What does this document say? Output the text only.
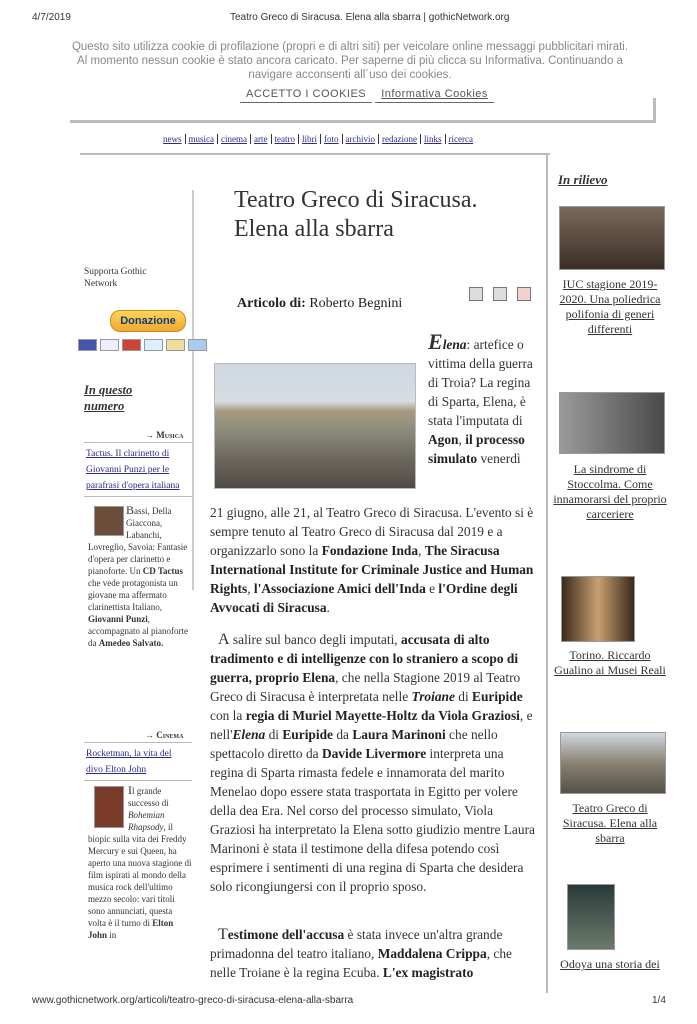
4/7/2019	Teatro Greco di Siracusa. Elena alla sbarra | gothicNetwork.org
Questo sito utilizza cookie di profilazione (propri e di altri siti) per veicolare online messaggi pubblicitari mirati. Al momento nessun cookie è stato ancora caricato. Per saperne di più clicca su Informativa. Continuando a navigare acconsenti all´uso dei cookies.
ACCETTO I COOKIES Informativa Cookies
news musica cinema arte teatro libri foto archivio redazione links ricerca
Teatro Greco di Siracusa. Elena alla sbarra
Articolo di: Roberto Begnini
Elena: artefice o vittima della guerra di Troia? La regina di Sparta, Elena, è stata l'imputata di Agon, il processo simulato venerdì
21 giugno, alle 21, al Teatro Greco di Siracusa. L'evento si è sempre tenuto al Teatro Greco di Siracusa dal 2019 e a organizzarlo sono la Fondazione Inda, The Siracusa International Institute for Criminale Justice and Human Rights, l'Associazione Amici dell'Inda e l'Ordine degli Avvocati di Siracusa.
A salire sul banco degli imputati, accusata di alto tradimento e di intelligenze con lo straniero a scopo di guerra, proprio Elena, che nella Stagione 2019 al Teatro Greco di Siracusa è interpretata nelle Troiane di Euripide con la regia di Muriel Mayette-Holtz da Viola Graziosi, e nell'Elena di Euripide da Laura Marinoni che nello spettacolo diretto da Davide Livermore interpreta una regina di Sparta rimasta fedele e innamorata del marito Menelao dopo essere stata trasportata in Egitto per volere della dea Era. Nel corso del processo simulato, Viola Graziosi ha interpretato la Elena sotto giudizio mentre Laura Marinoni è stata il testimone della difesa potendo così esprimere i sentimenti di una regina di Sparta che desidera solo ricongiungersi con il proprio sposo.
Testimone dell'accusa è stata invece un'altra grande primadonna del teatro italiano, Maddalena Crippa, che nelle Troiane è la regina Ecuba. L'ex magistrato
Supporta Gothic Network
Donazione
In questo numero
→ Musica
Tactus. Il clarinetto di Giovanni Punzi per le parafrasi d'opera italiana
Bassi, Della Giaccona, Labanchi, Lovreglio, Savoia: Fantasie d'opera per clarinetto e pianoforte. Un CD Tactus che vede protagonista un giovane ma affermato clarinettista Italiano, Giovanni Punzi, accompagnato al pianoforte da Amedeo Salvato.
→ Cinema
Rocketman, la vita del divo Elton John
Il grande successo di Bohemian Rhapsody, il biopic sulla vita dei Freddy Mercury e sui Queen, ha aperto una nuova stagione di film ispirati al mondo della musica rock dell'ultimo mezzo secolo: vari titoli sono annunciati, questa volta è il turno di Elton John in
In rilievo
IUC stagione 2019-2020. Una poliedrica polifonia di generi differenti
La sindrome di Stoccolma. Come innamorarsi del proprio carceriere
Torino. Riccardo Gualino ai Musei Reali
Teatro Greco di Siracusa. Elena alla sbarra
Odoya una storia dei
www.gothicnetwork.org/articoli/teatro-greco-di-siracusa-elena-alla-sbarra	1/4
